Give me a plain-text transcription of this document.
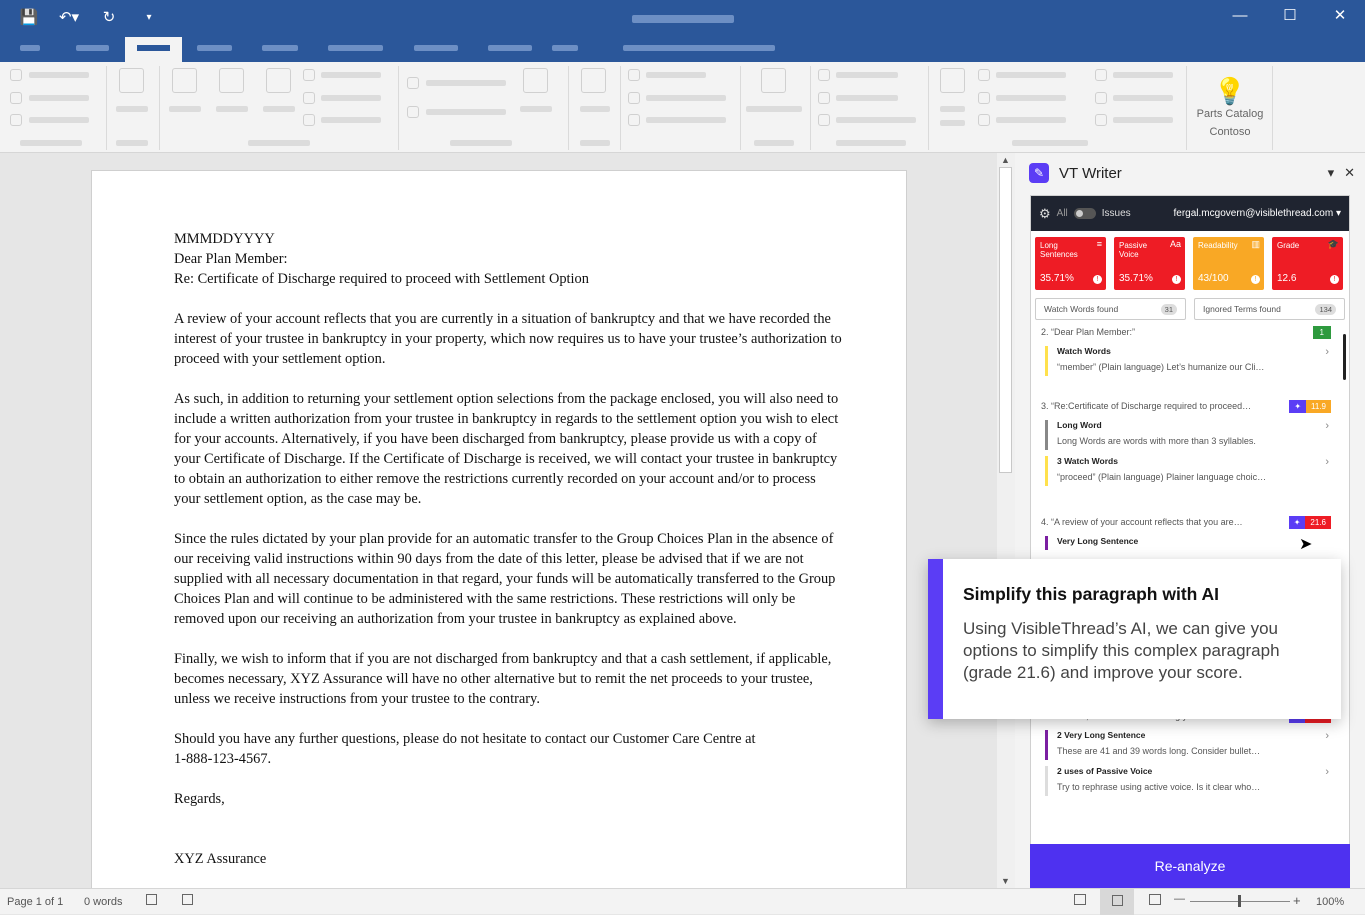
💾 ↶▾	↻	▾	—	☐	✕
💡
Parts Catalog
Contoso

MMMDDYYYY
Dear Plan Member:
Re: Certificate of Discharge required to proceed with Settlement Option

A review of your account reflects that you are currently in a situation of bankruptcy and that we have recorded the interest of your trustee in bankruptcy in your property, which now requires us to have your trustee’s authorization to proceed with your settlement option.

As such, in addition to returning your settlement option selections from the package enclosed, you will also need to include a written authorization from your trustee in bankruptcy in regards to the settlement option you wish to elect for your accounts. Alternatively, if you have been discharged from bankruptcy, please provide us with a copy of your Certificate of Discharge. If the Certificate of Discharge is received, we will contact your trustee in bankruptcy to obtain an authorization to either remove the restrictions currently recorded on your account and/or to process your settlement option, as the case may be.

Since the rules dictated by your plan provide for an automatic transfer to the Group Choices Plan in the absence of our receiving valid instructions within 90 days from the date of this letter, please be advised that if we are not supplied with all necessary documentation in that regard, your funds will be automatically transferred to the Group Choices Plan and will continue to be administered with the same restrictions. These restrictions will only be removed upon our receiving an authorization from your trustee in bankruptcy as explained above.

Finally, we wish to inform that if you are not discharged from bankruptcy and that a cash settlement, if applicable, becomes necessary, XYZ Assurance will have no other alternative but to remit the net proceeds to your trustee, unless we receive instructions from your trustee to the contrary.

Should you have any further questions, please do not hesitate to contact our Customer Care Centre at
1-888-123-4567.

Regards,

XYZ Assurance

▲
▼
✎ VT Writer	▾ ✕
⚙ All	Issues	fergal.mcgovern@visiblethread.com ▾
Long Sentences
≡
35.71%	!
Passive Voice
Aa
35.71%	!
Readability	▥
43/100	!
Grade	🎓
12.6	!
Watch Words found	31	Ignored Terms found	134
2. “Dear Plan Member:”	1
Watch Words
“member” (Plain language) Let’s humanize our Cli…
›
3. “Re:Certificate of Discharge required to proceed…	✦	11.9
Long Word
Long Words are words with more than 3 syllables.
›
3 Watch Words
“proceed” (Plain language) Plainer language choic…
›
4. “A review of your account reflects that you are…	✦	21.6
Very Long Sentence
2 Very Long Sentence
These are 41 and 39 words long. Consider bullet…
›
2 uses of Passive Voice
Try to rephrase using active voice. Is it clear who…
›
Re-analyze
Simplify this paragraph with AI

Using VisibleThread’s AI, we can give you options to simplify this complex paragraph (grade 21.6) and improve your score.

➤
Page 1 of 1 0 words	—	+ 100%
